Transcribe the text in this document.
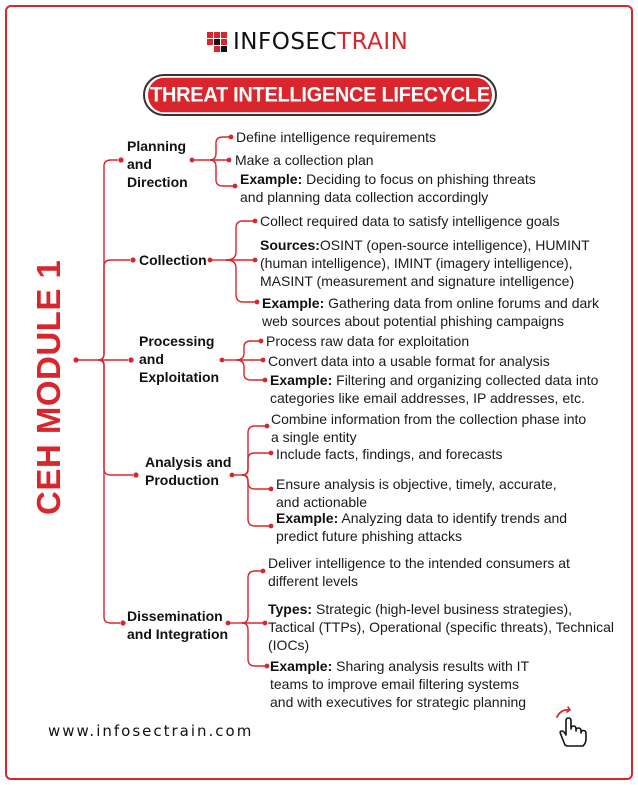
INFOSECTRAIN
THREAT INTELLIGENCE LIFECYCLE
CEH MODULE 1
Planning
and
Direction
Collection
Processing
and
Exploitation
Analysis and
Production
Dissemination
and Integration
Define intelligence requirements
Make a collection plan
Example: Deciding to focus on phishing threats
and planning data collection accordingly
Collect required data to satisfy intelligence goals
Sources:OSINT (open-source intelligence), HUMINT
(human intelligence), IMINT (imagery intelligence),
MASINT (measurement and signature intelligence)
Example: Gathering data from online forums and dark
web sources about potential phishing campaigns
Process raw data for exploitation
Convert data into a usable format for analysis
Example: Filtering and organizing collected data into
categories like email addresses, IP addresses, etc.
Combine information from the collection phase into
a single entity
Include facts, findings, and forecasts
Ensure analysis is objective, timely, accurate,
and actionable
Example: Analyzing data to identify trends and
predict future phishing attacks
Deliver intelligence to the intended consumers at
different levels
Types: Strategic (high-level business strategies),
Tactical (TTPs), Operational (specific threats), Technical
(IOCs)
Example: Sharing analysis results with IT
teams to improve email filtering systems
and with executives for strategic planning
www.infosectrain.com
